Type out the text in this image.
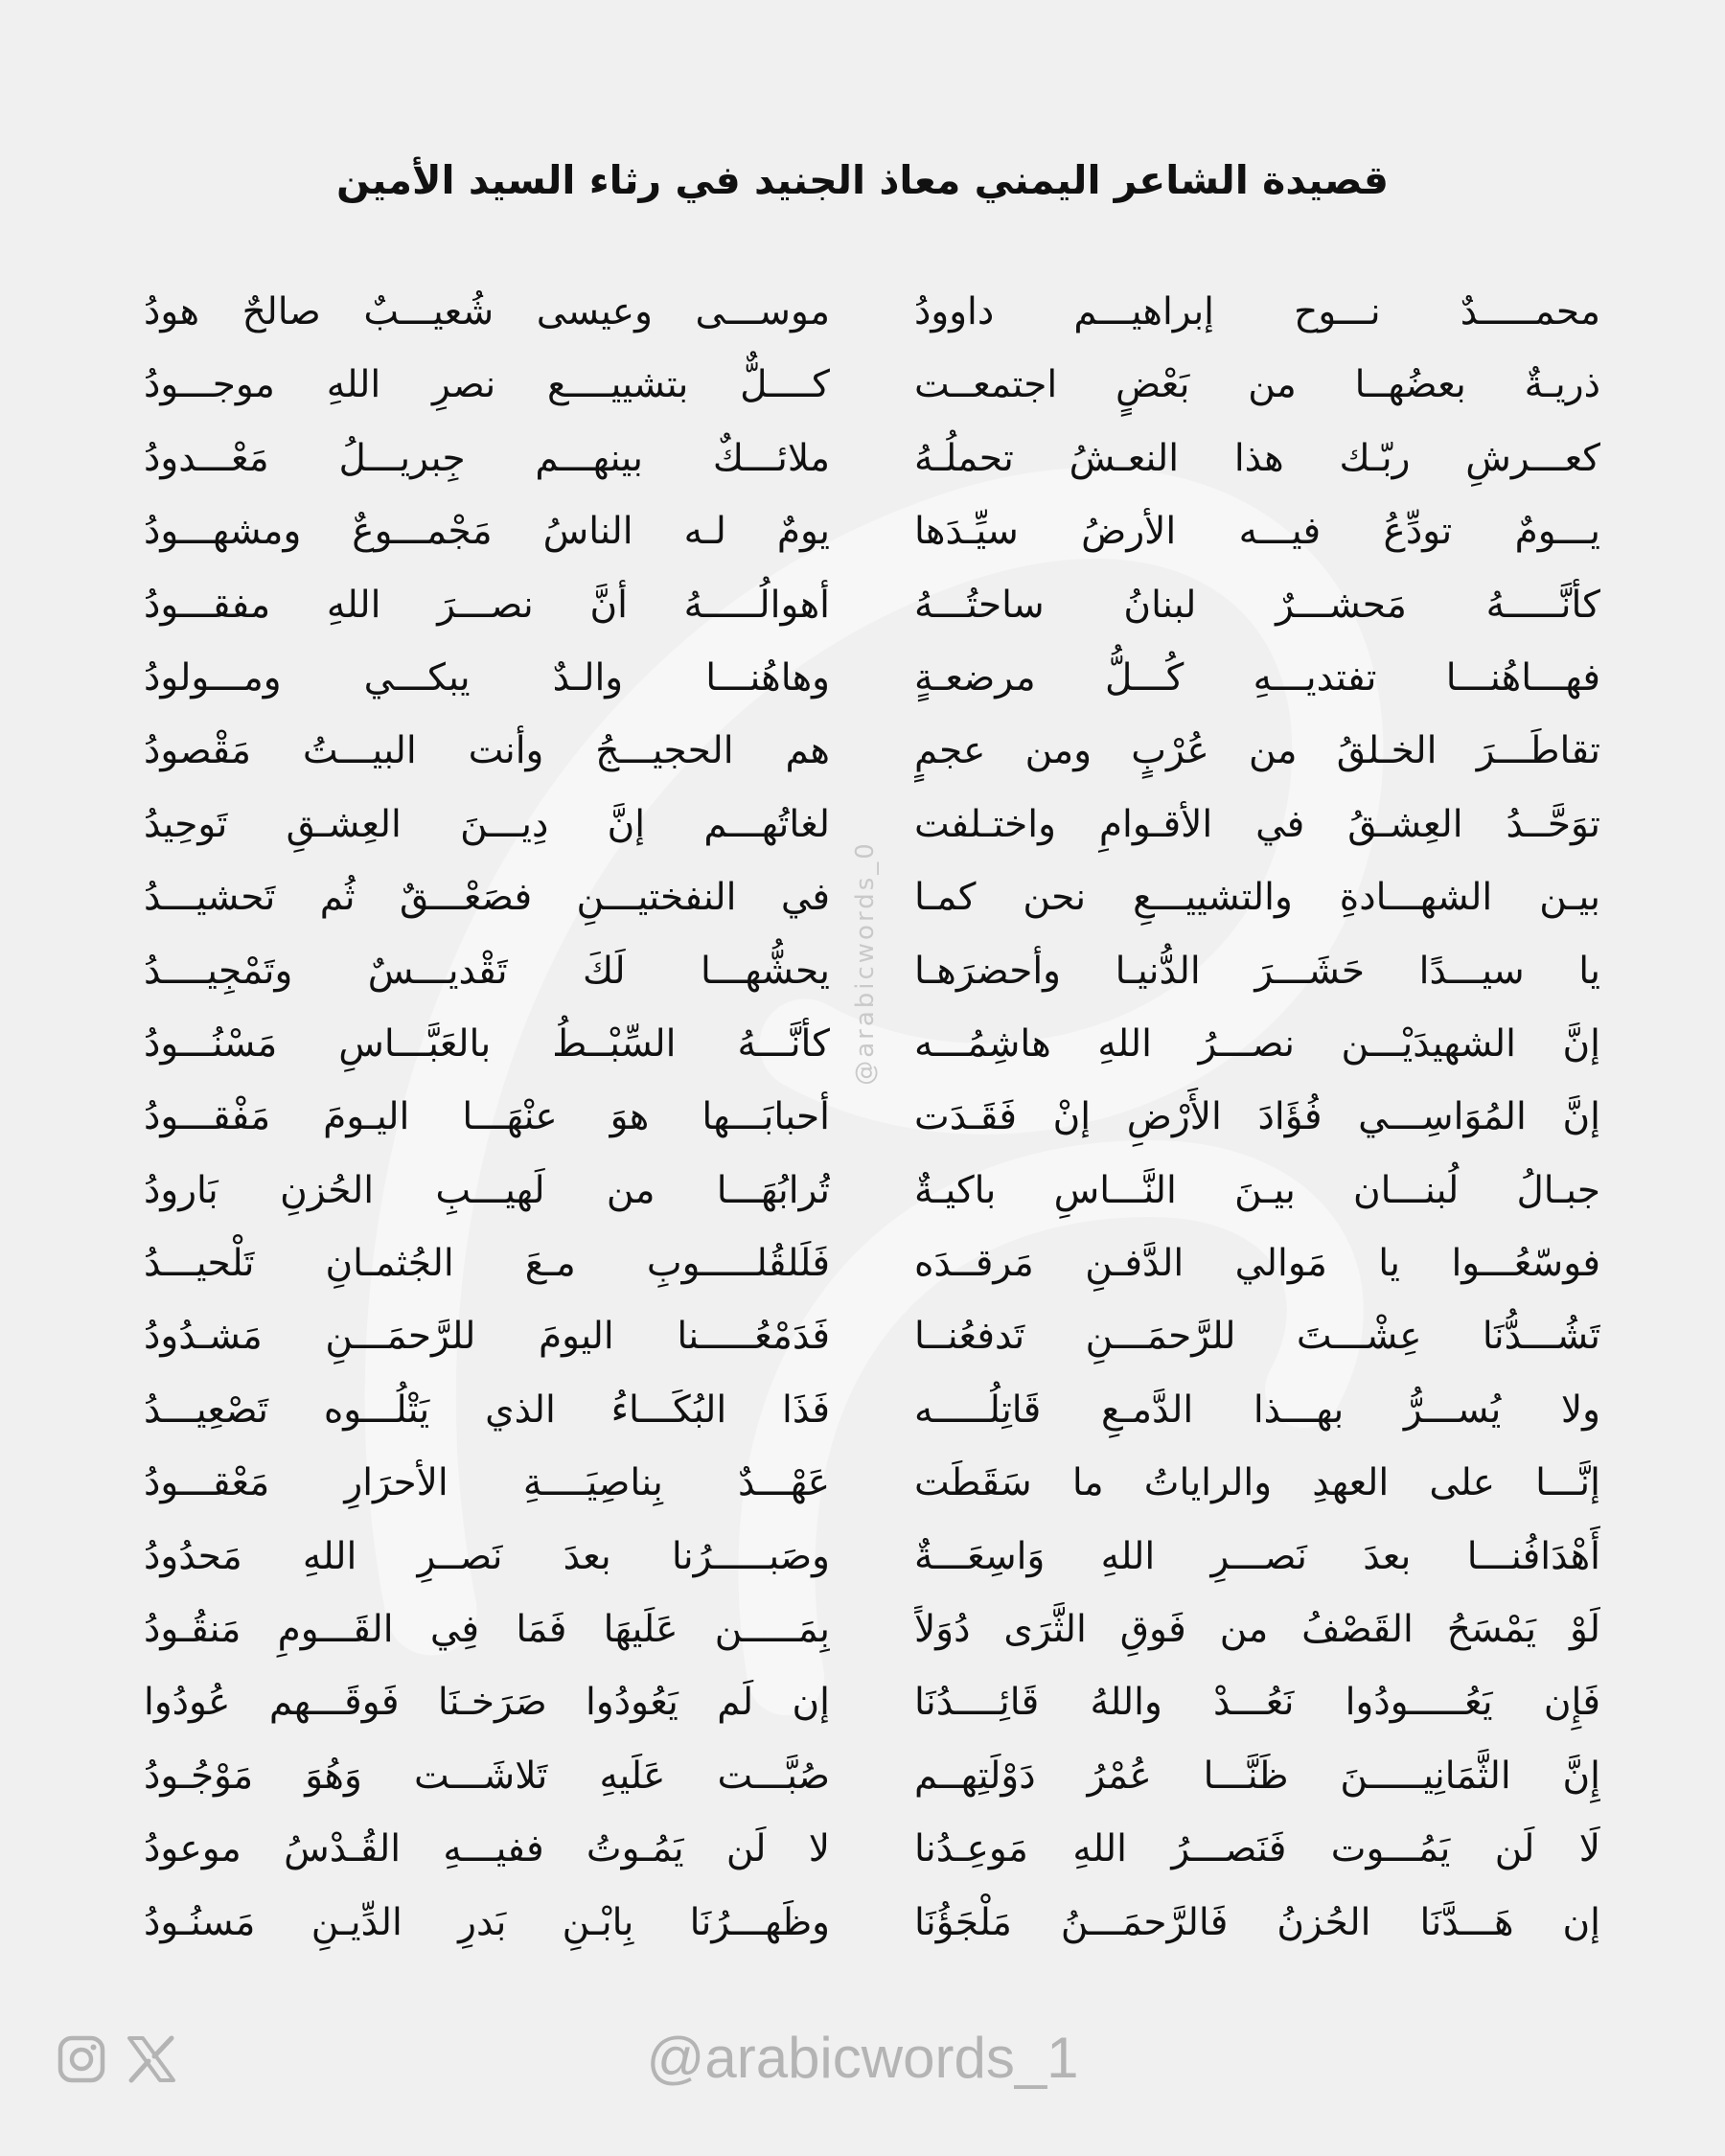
قصيدة الشاعر اليمني معاذ الجنيد في رثاء السيد الأمين
محمـــــدٌ نـــوح إبراهيـــم داوودُ
ذريـةٌ بعضُهــا من بَعْضٍ اجتمعــت
كعـــرشِ ربّـك هذا النعـشُ تحملُـهُ
يـــومٌ تودِّعُ فيـــه الأرضُ سيِّـدَها
كأنَّـــــهُ مَحشـــرٌ لبنانُ ساحتُـــهُ
فهـــاهُنـــا تفتديـــهِ كُـــلُّ مرضعـةٍ
تقاطَـــرَ الخـلقُ من عُرْبٍ ومن عجمٍ
توَحَّــدُ العِشـقُ في الأقـوامِ واختـلفت
بيـن الشهـــادةِ والتشييـــعِ نحن كمـا
يا سيـــدًا حَشَـــرَ الدُّنيـا وأحضرَهـا
إنَّ الشهيدَيْـــن نصـــرُ اللهِ هاشِمُـــه
إنَّ المُوَاسِـــي فُؤَادَ الأَرْضِ إنْ فَقَـدَت
جبـالُ لُبنـــان بيـنَ النَّـــاسِ باكيـةٌ
فوسّعُـــوا يا مَوالي الدَّفـنِ مَرقــدَه
تَشُـــدُّنَا عِشْـــتَ للرَّحمَـــنِ تَدفعُنــا
ولا يُســـرُّ بهـــذا الدَّمـعِ قَاتِلُـــــه
إنَّـــا على العهدِ والراياتُ ما سَقَطَت
أَهْدَافُنـــا بعدَ نَصـــرِ اللهِ وَاسِعَـــةٌ
لَوْ يَمْسَحُ القَصْفُ من فَوقِ الثَّرَى دُوَلاً
فَإِن يَعُـــــودُوا نَعُـــدْ واللهُ قَائِــــدُنَا
إِنَّ الثَّمَانِيـــــنَ ظَنَّـــا عُمْرُ دَوْلَتِهــم
لَا لَن يَمُـــوت فَنَصـــرُ اللهِ مَوعِـدُنا
إن هَـــدَّنَا الحُزنُ فَالرَّحمَـــنُ مَلْجَؤُنَا
موســـى وعيسى شُعيـــبٌ صالحٌ هودُ
كــــلٌّ بتشييــــع نصرِ اللهِ موجـــودُ
ملائـــكٌ بينهـــم جِبريـــلُ مَعْـــدودُ
يومٌ لـه الناسُ مَجْمـــوعٌ ومشهـــودُ
أهوالُـــــهُ أنَّ نصـــرَ اللهِ مفقـــودُ
وهاهُنـــا والـدٌ يبكـــي ومـــولودُ
هم الحجيـــجُ وأنت البيـــتُ مَقْصودُ
لغاتُهـــم إنَّ دِيـــنَ العِشـقِ تَوحِيدُ
في النفختيـــنِ فصَعْـــقٌ ثُم تَحشيـــدُ
يحشُّهـــا لَكَ تَقْديـــسٌ وتَمْجِيــــدُ
كأنَّـــهُ السِّبْــطُ بالعَبَّـــاسِ مَسْنُـــودُ
أحبابَـــها هوَ عنْهَـــا اليـومَ مَفْقـــودُ
تُرابُهَـــا من لَهيـــبِ الحُزنِ بَارودُ
فَلَلقُلـــــوبِ مـعَ الجُثمـانِ تَلْحيـــدُ
فَدَمْعُـــــنا اليومَ للرَّحمَـــنِ مَشـدُودُ
فَذَا البُكَـــاءُ الذي يَتْلُـــوه تَصْعِيـــدُ
عَهْـــدٌ بِناصِيَــــةِ الأحرَارِ مَعْقـــودُ
وصَبـــــرُنا بعدَ نَصــرِ اللهِ مَحدُودُ
بِمَـــــن عَلَيهَا فَمَا فِي القَـــومِ مَنقُـودُ
إن لَم يَعُودُوا صَرَخـنَا فَوقَـــهم عُودُوا
صُبَّـــت عَلَيهِ تَلاشَـــت وَهُوَ مَوْجُـودُ
لا لَن يَمُـوتُ ففيـــهِ القُـدْسُ موعودُ
وظَهـــرُنَا بِابْـنِ بَدرِ الدِّيـنِ مَسنُـودُ
@arabicwords_0
@arabicwords_1
